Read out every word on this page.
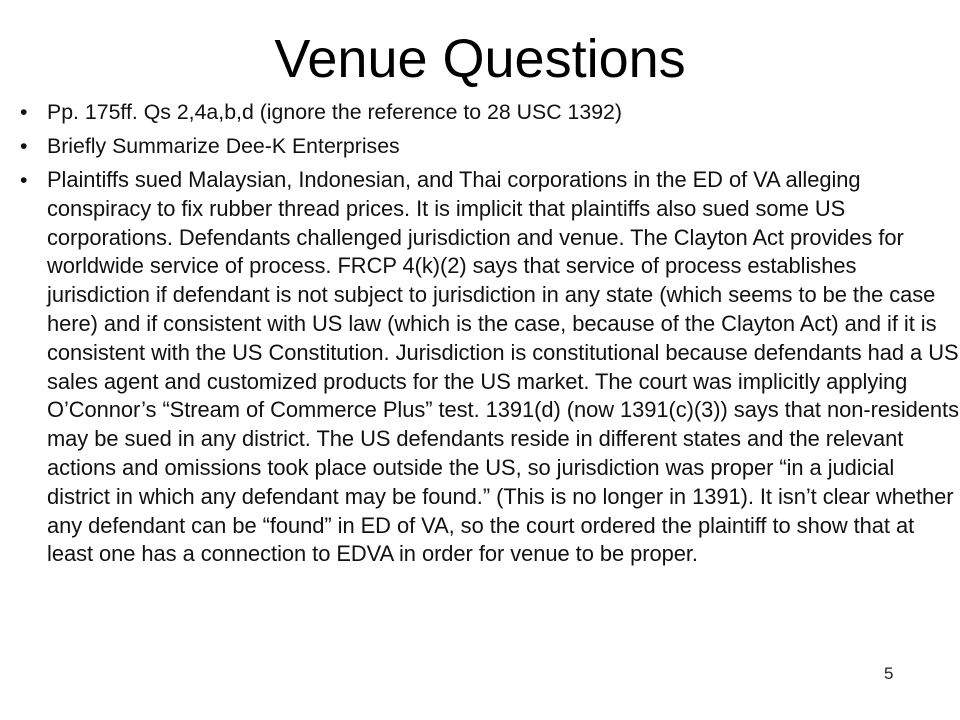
Venue Questions
• Pp. 175ff. Qs 2,4a,b,d (ignore the reference to 28 USC 1392)
• Briefly Summarize Dee-K Enterprises
• Plaintiffs sued Malaysian, Indonesian, and Thai corporations in the ED of VA alleging conspiracy to fix rubber thread prices. It is implicit that plaintiffs also sued some US corporations. Defendants challenged jurisdiction and venue. The Clayton Act provides for worldwide service of process. FRCP 4(k)(2) says that service of process establishes jurisdiction if defendant is not subject to jurisdiction in any state (which seems to be the case here) and if consistent with US law (which is the case, because of the Clayton Act) and if it is consistent with the US Constitution. Jurisdiction is constitutional because defendants had a US sales agent and customized products for the US market. The court was implicitly applying O’Connor’s “Stream of Commerce Plus” test. 1391(d) (now 1391(c)(3)) says that non-residents may be sued in any district. The US defendants reside in different states and the relevant actions and omissions took place outside the US, so jurisdiction was proper “in a judicial district in which any defendant may be found.” (This is no longer in 1391). It isn’t clear whether any defendant can be “found” in ED of VA, so the court ordered the plaintiff to show that at least one has a connection to EDVA in order for venue to be proper.
5
